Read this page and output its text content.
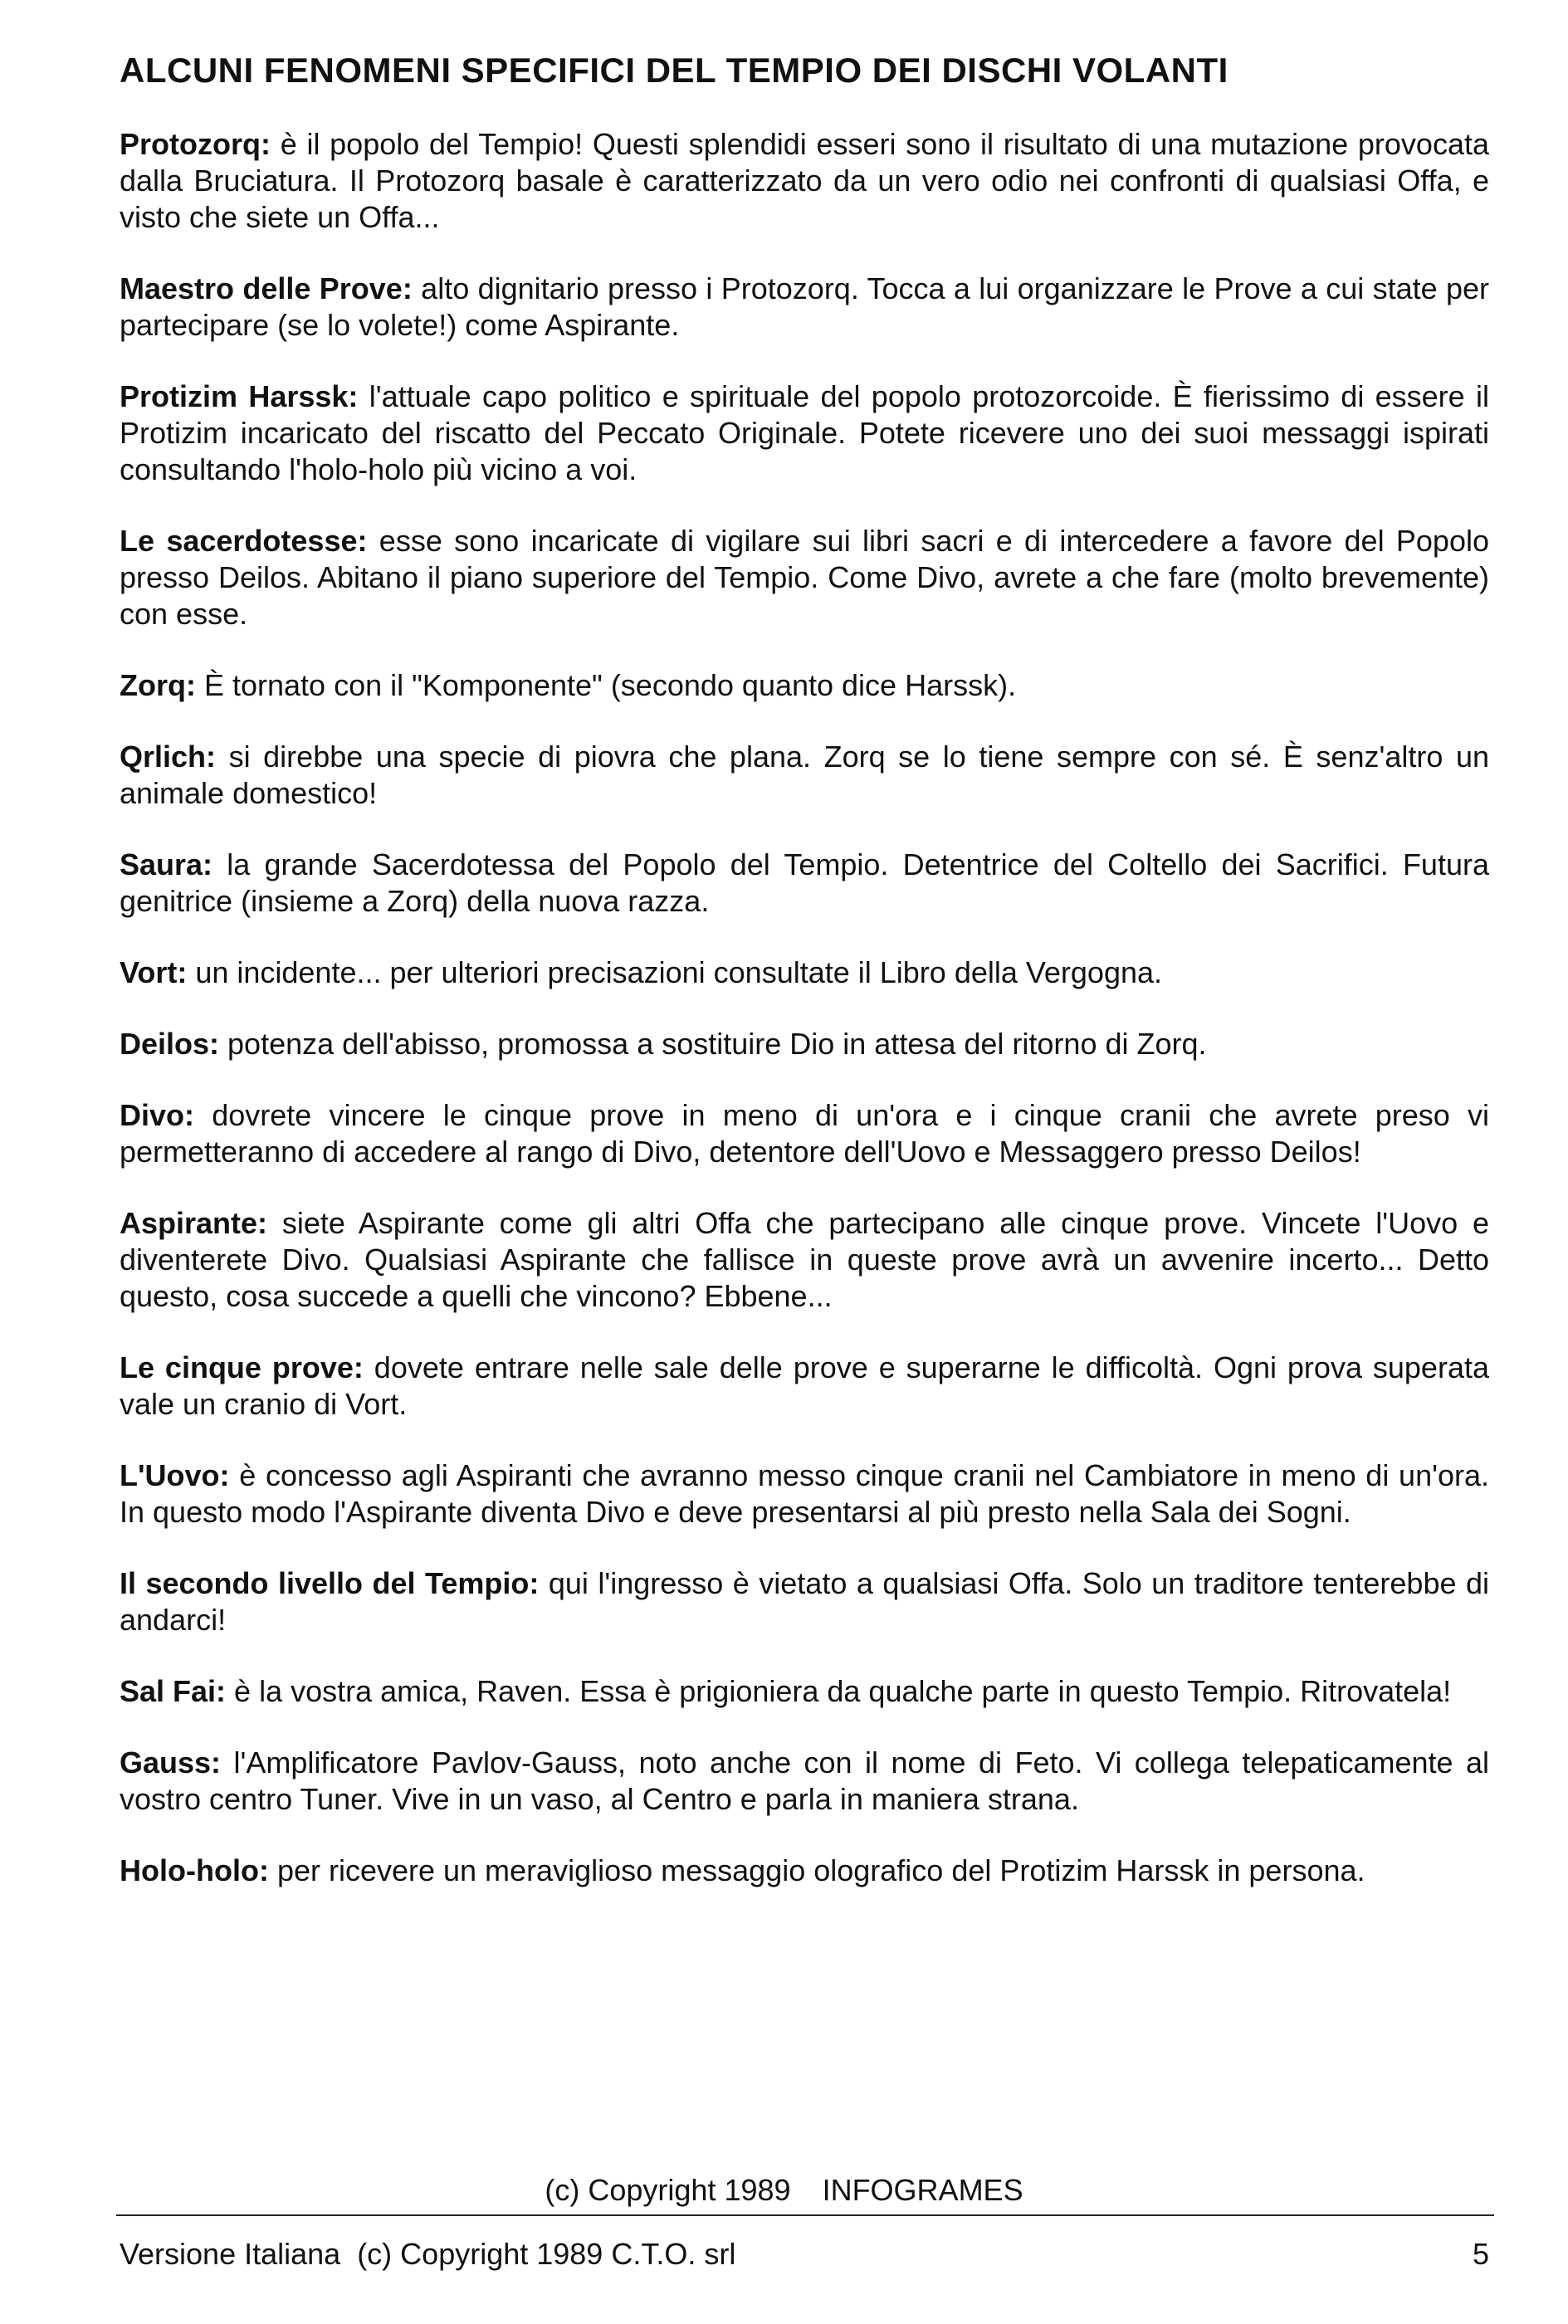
ALCUNI FENOMENI SPECIFICI DEL TEMPIO DEI DISCHI VOLANTI

Protozorq: è il popolo del Tempio! Questi splendidi esseri sono il risultato di una mutazione provocata dalla Bruciatura. Il Protozorq basale è caratterizzato da un vero odio nei confronti di qualsiasi Offa, e visto che siete un Offa...

Maestro delle Prove: alto dignitario presso i Protozorq. Tocca a lui organizzare le Prove a cui state per partecipare (se lo volete!) come Aspirante.

Protizim Harssk: l'attuale capo politico e spirituale del popolo protozorcoide. È fierissimo di essere il Protizim incaricato del riscatto del Peccato Originale. Potete ricevere uno dei suoi messaggi ispirati consultando l'holo-holo più vicino a voi.

Le sacerdotesse: esse sono incaricate di vigilare sui libri sacri e di intercedere a favore del Popolo presso Deilos. Abitano il piano superiore del Tempio. Come Divo, avrete a che fare (molto brevemente) con esse.

Zorq: È tornato con il "Komponente" (secondo quanto dice Harssk).

Qrlich: si direbbe una specie di piovra che plana. Zorq se lo tiene sempre con sé. È senz'altro un animale domestico!

Saura: la grande Sacerdotessa del Popolo del Tempio. Detentrice del Coltello dei Sacrifici. Futura genitrice (insieme a Zorq) della nuova razza.

Vort: un incidente... per ulteriori precisazioni consultate il Libro della Vergogna.

Deilos: potenza dell'abisso, promossa a sostituire Dio in attesa del ritorno di Zorq.

Divo: dovrete vincere le cinque prove in meno di un'ora e i cinque cranii che avrete preso vi permetteranno di accedere al rango di Divo, detentore dell'Uovo e Messaggero presso Deilos!

Aspirante: siete Aspirante come gli altri Offa che partecipano alle cinque prove. Vincete l'Uovo e diventerete Divo. Qualsiasi Aspirante che fallisce in queste prove avrà un avvenire incerto... Detto questo, cosa succede a quelli che vincono? Ebbene...

Le cinque prove: dovete entrare nelle sale delle prove e superarne le difficoltà. Ogni prova superata vale un cranio di Vort.

L'Uovo: è concesso agli Aspiranti che avranno messo cinque cranii nel Cambiatore in meno di un'ora. In questo modo l'Aspirante diventa Divo e deve presentarsi al più presto nella Sala dei Sogni.

Il secondo livello del Tempio: qui l'ingresso è vietato a qualsiasi Offa. Solo un traditore tenterebbe di andarci!

Sal Fai: è la vostra amica, Raven. Essa è prigioniera da qualche parte in questo Tempio. Ritrovatela!

Gauss: l'Amplificatore Pavlov-Gauss, noto anche con il nome di Feto. Vi collega telepaticamente al vostro centro Tuner. Vive in un vaso, al Centro e parla in maniera strana.

Holo-holo: per ricevere un meraviglioso messaggio olografico del Protizim Harssk in persona.

(c) Copyright 1989 INFOGRAMES
Versione Italiana  (c) Copyright 1989 C.T.O. srl	5
